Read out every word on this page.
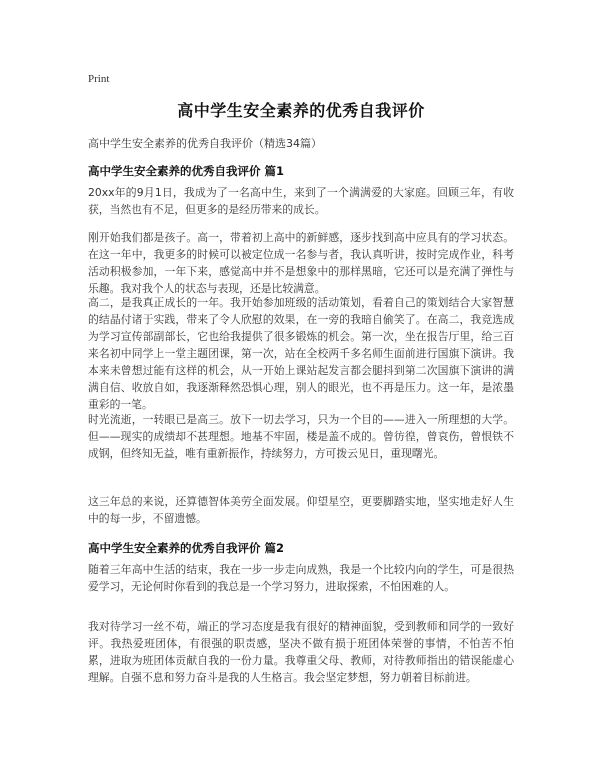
Print
高中学生安全素养的优秀自我评价
高中学生安全素养的优秀自我评价（精选34篇）
高中学生安全素养的优秀自我评价 篇1
20xx年的9月1日，我成为了一名高中生，来到了一个满满爱的大家庭。回顾三年，有收获，当然也有不足，但更多的是经历带来的成长。
刚开始我们都是孩子。高一，带着初上高中的新鲜感，逐步找到高中应具有的学习状态。在这一年中，我更多的时候可以被定位成一名参与者，我认真听讲，按时完成作业，科考活动积极参加，一年下来，感觉高中并不是想象中的那样黑暗，它还可以是充满了弹性与乐趣。我对我个人的状态与表现，还是比较满意。
高二，是我真正成长的一年。我开始参加班级的活动策划，看着自己的策划结合大家智慧的结晶付诸于实践，带来了令人欣慰的效果，在一旁的我暗自偷笑了。在高二，我竞选成为学习宣传部副部长，它也给我提供了很多锻炼的机会。第一次，坐在报告厅里，给三百来名初中同学上一堂主题团课，第一次，站在全校两千多名师生面前进行国旗下演讲。我本来未曾想过能有这样的机会，从一开始上课站起发言都会腿抖到第二次国旗下演讲的满满自信、收放自如，我逐渐释然恐惧心理，别人的眼光，也不再是压力。这一年，是浓墨重彩的一笔。
时光流逝，一转眼已是高三。放下一切去学习，只为一个目的——进入一所理想的大学。但——现实的成绩却不甚理想。地基不牢固，楼是盖不成的。曾彷徨，曾哀伤，曾恨铁不成钢，但终知无益，唯有重新振作，持续努力，方可拨云见日，重现曙光。
这三年总的来说，还算德智体美劳全面发展。仰望星空，更要脚踏实地，坚实地走好人生中的每一步，不留遗憾。
高中学生安全素养的优秀自我评价 篇2
随着三年高中生活的结束，我在一步一步走向成熟，我是一个比较内向的学生，可是很热爱学习，无论何时你看到的我总是一个学习努力，进取探索，不怕困难的人。
我对待学习一丝不苟，端正的学习态度是我有很好的精神面貌，受到教师和同学的一致好评。我热爱班团体，有很强的职责感，坚决不做有损于班团体荣誉的事情，不怕苦不怕累，进取为班团体贡献自我的一份力量。我尊重父母、教师，对待教师指出的错误能虚心理解。自强不息和努力奋斗是我的人生格言。我会坚定梦想，努力朝着目标前进。
